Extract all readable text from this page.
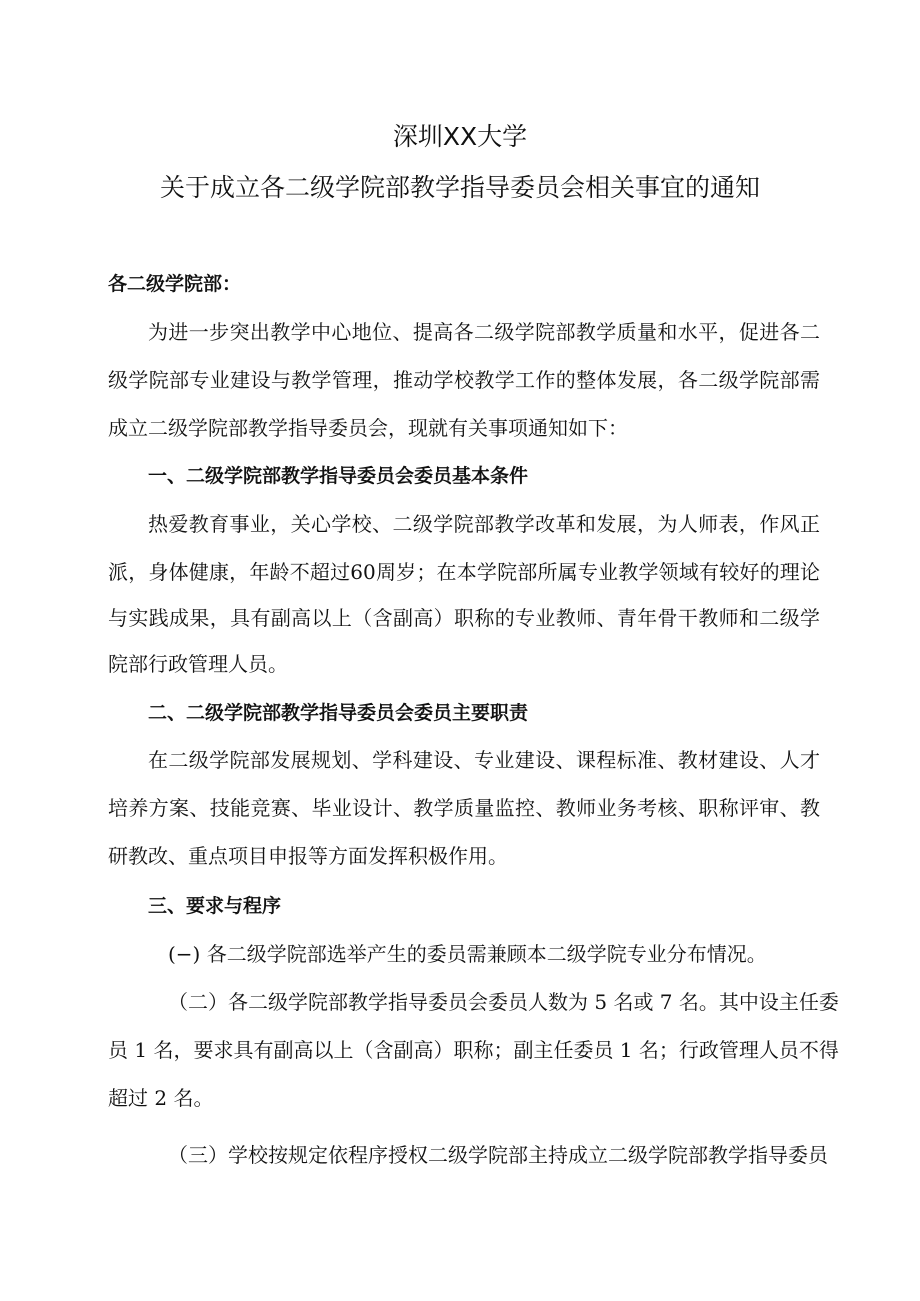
深圳XX大学
关于成立各二级学院部教学指导委员会相关事宜的通知
各二级学院部：
为进一步突出教学中心地位、提高各二级学院部教学质量和水平，促进各二
级学院部专业建设与教学管理，推动学校教学工作的整体发展，各二级学院部需
成立二级学院部教学指导委员会，现就有关事项通知如下：
一、二级学院部教学指导委员会委员基本条件
热爱教育事业，关心学校、二级学院部教学改革和发展，为人师表，作风正
派，身体健康，年龄不超过60周岁；在本学院部所属专业教学领域有较好的理论
与实践成果，具有副高以上（含副高）职称的专业教师、青年骨干教师和二级学
院部行政管理人员。
二、二级学院部教学指导委员会委员主要职责
在二级学院部发展规划、学科建设、专业建设、课程标准、教材建设、人才
培养方案、技能竞赛、毕业设计、教学质量监控、教师业务考核、职称评审、教
研教改、重点项目申报等方面发挥积极作用。
三、要求与程序
(−) 各二级学院部选举产生的委员需兼顾本二级学院专业分布情况。
（二）各二级学院部教学指导委员会委员人数为 5 名或 7 名。其中设主任委
员 1 名，要求具有副高以上（含副高）职称；副主任委员 1 名；行政管理人员不得
超过 2 名。
（三）学校按规定依程序授权二级学院部主持成立二级学院部教学指导委员
